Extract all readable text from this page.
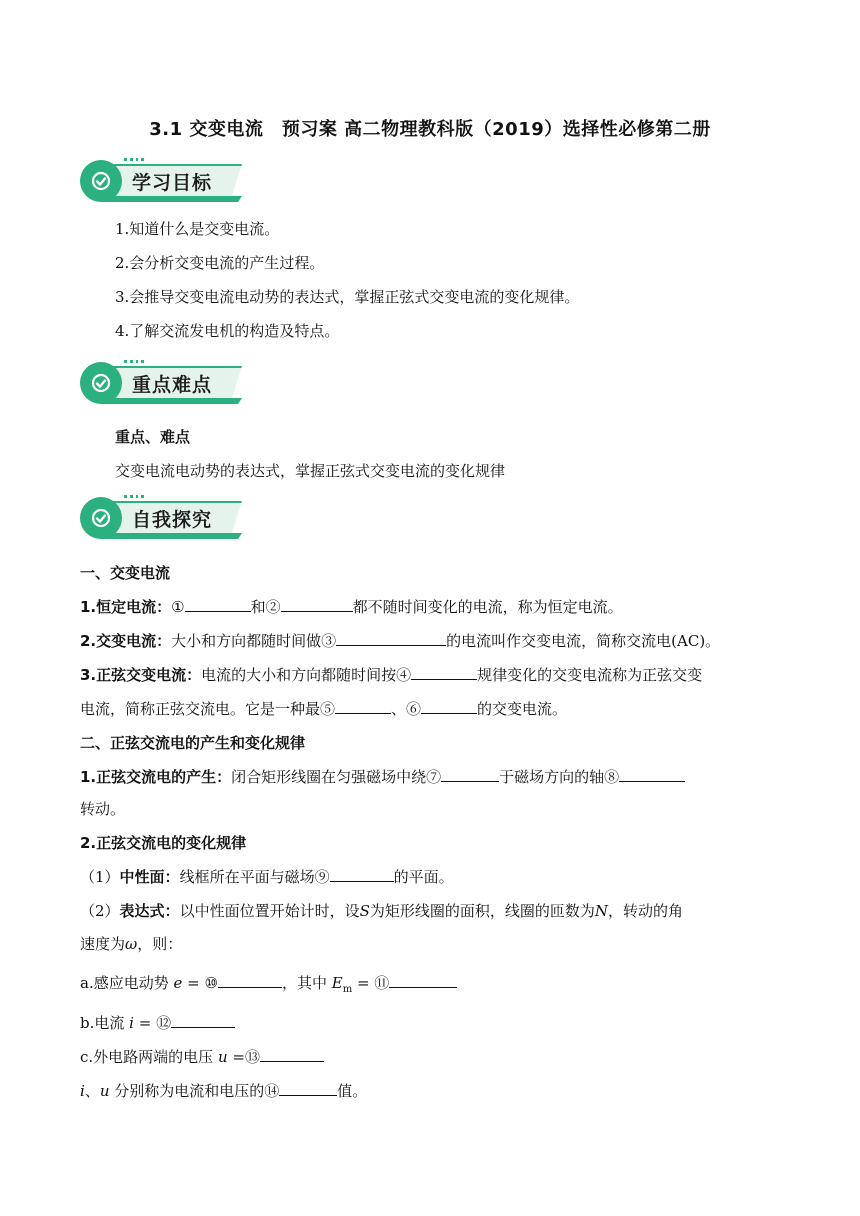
3.1 交变电流　预习案 高二物理教科版（2019）选择性必修第二册
学习目标
1.知道什么是交变电流。
2.会分析交变电流的产生过程。
3.会推导交变电流电动势的表达式，掌握正弦式交变电流的变化规律。
4.了解交流发电机的构造及特点。
重点难点
重点、难点
交变电流电动势的表达式，掌握正弦式交变电流的变化规律
自我探究
一、交变电流
1.恒定电流：①	和②	都不随时间变化的电流，称为恒定电流。
2.交变电流：大小和方向都随时间做③	的电流叫作交变电流，简称交流电(AC)。
3.正弦交变电流：电流的大小和方向都随时间按④	规律变化的交变电流称为正弦交变
电流，简称正弦交流电。它是一种最⑤	、⑥	的交变电流。
二、正弦交流电的产生和变化规律
1.正弦交流电的产生：闭合矩形线圈在匀强磁场中绕⑦	于磁场方向的轴⑧
转动。
2.正弦交流电的变化规律
（1）中性面：线框所在平面与磁场⑨	的平面。
（2）表达式：以中性面位置开始计时，设S为矩形线圈的面积，线圈的匝数为N，转动的角
速度为ω，则：
a.感应电动势 e = ⑩	，其中 $E_m$ = ⑪
b.电流 i = ⑫
c.外电路两端的电压 u =⑬
i、u 分别称为电流和电压的⑭	值。
